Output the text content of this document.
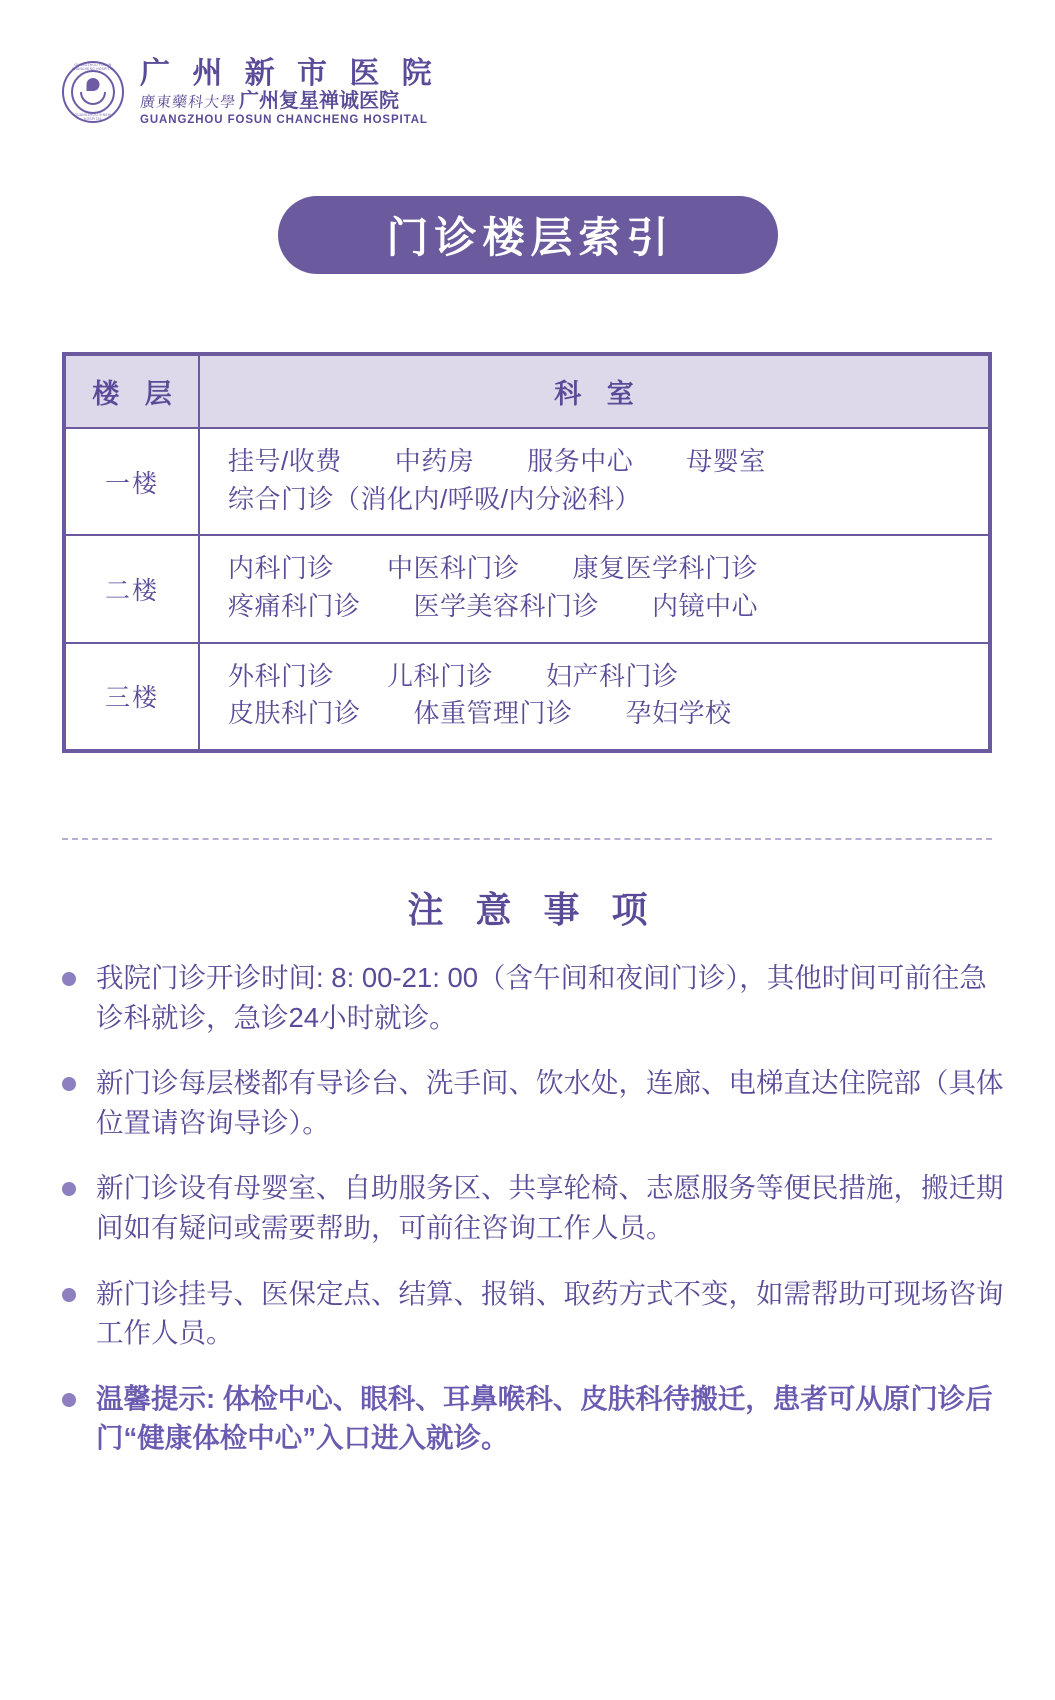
GUANGZHOU FOSUN CHANCHENG HOSPITAL
GUANGZHOU XINSHI HOSPITAL
广 州 新 市 医 院
廣東藥科大學 广州复星禅诚医院
GUANGZHOU FOSUN CHANCHENG HOSPITAL
门诊楼层索引
楼 层	科 室
一楼	挂号/收费　　中药房　　服务中心　　母婴室
综合门诊（消化内/呼吸/内分泌科）

二楼	内科门诊　　中医科门诊　　康复医学科门诊
疼痛科门诊　　医学美容科门诊　　内镜中心

三楼	外科门诊　　儿科门诊　　妇产科门诊
皮肤科门诊　　体重管理门诊　　孕妇学校
注 意 事 项
我院门诊开诊时间: 8: 00-21: 00（含午间和夜间门诊），其他时间可前往急诊科就诊，急诊24小时就诊。
新门诊每层楼都有导诊台、洗手间、饮水处，连廊、电梯直达住院部（具体位置请咨询导诊）。
新门诊设有母婴室、自助服务区、共享轮椅、志愿服务等便民措施，搬迁期间如有疑问或需要帮助，可前往咨询工作人员。
新门诊挂号、医保定点、结算、报销、取药方式不变，如需帮助可现场咨询工作人员。
温馨提示: 体检中心、眼科、耳鼻喉科、皮肤科待搬迁，患者可从原门诊后门“健康体检中心”入口进入就诊。
